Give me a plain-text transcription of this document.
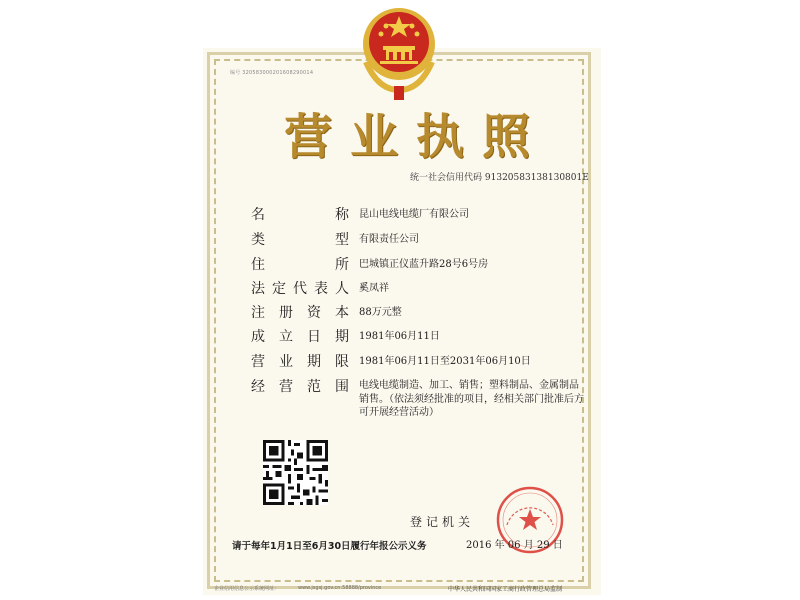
编号 320583000201608290014
营业执照
统一社会信用代码 91320583138130801E
名	称 昆山电线电缆厂有限公司
类	型 有限责任公司
住	所 巴城镇正仪蓝升路28号6号房
法 定 代 表 人 奚凤祥
注 册 资 本 88万元整
成 立 日 期 1981年06月11日
营 业 期 限 1981年06月11日至2031年06月10日
经 营 范 围 电线电缆制造、加工、销售；塑料制品、金属制品销售。（依法须经批准的项目，经相关部门批准后方可开展经营活动）
登记机关
请于每年1月1日至6月30日履行年报公示义务	2016 年 06 月 29 日
企业信用信息公示系统网址：	www.jsgsj.gov.cn:58888/province	中华人民共和国国家工商行政管理总局监制
